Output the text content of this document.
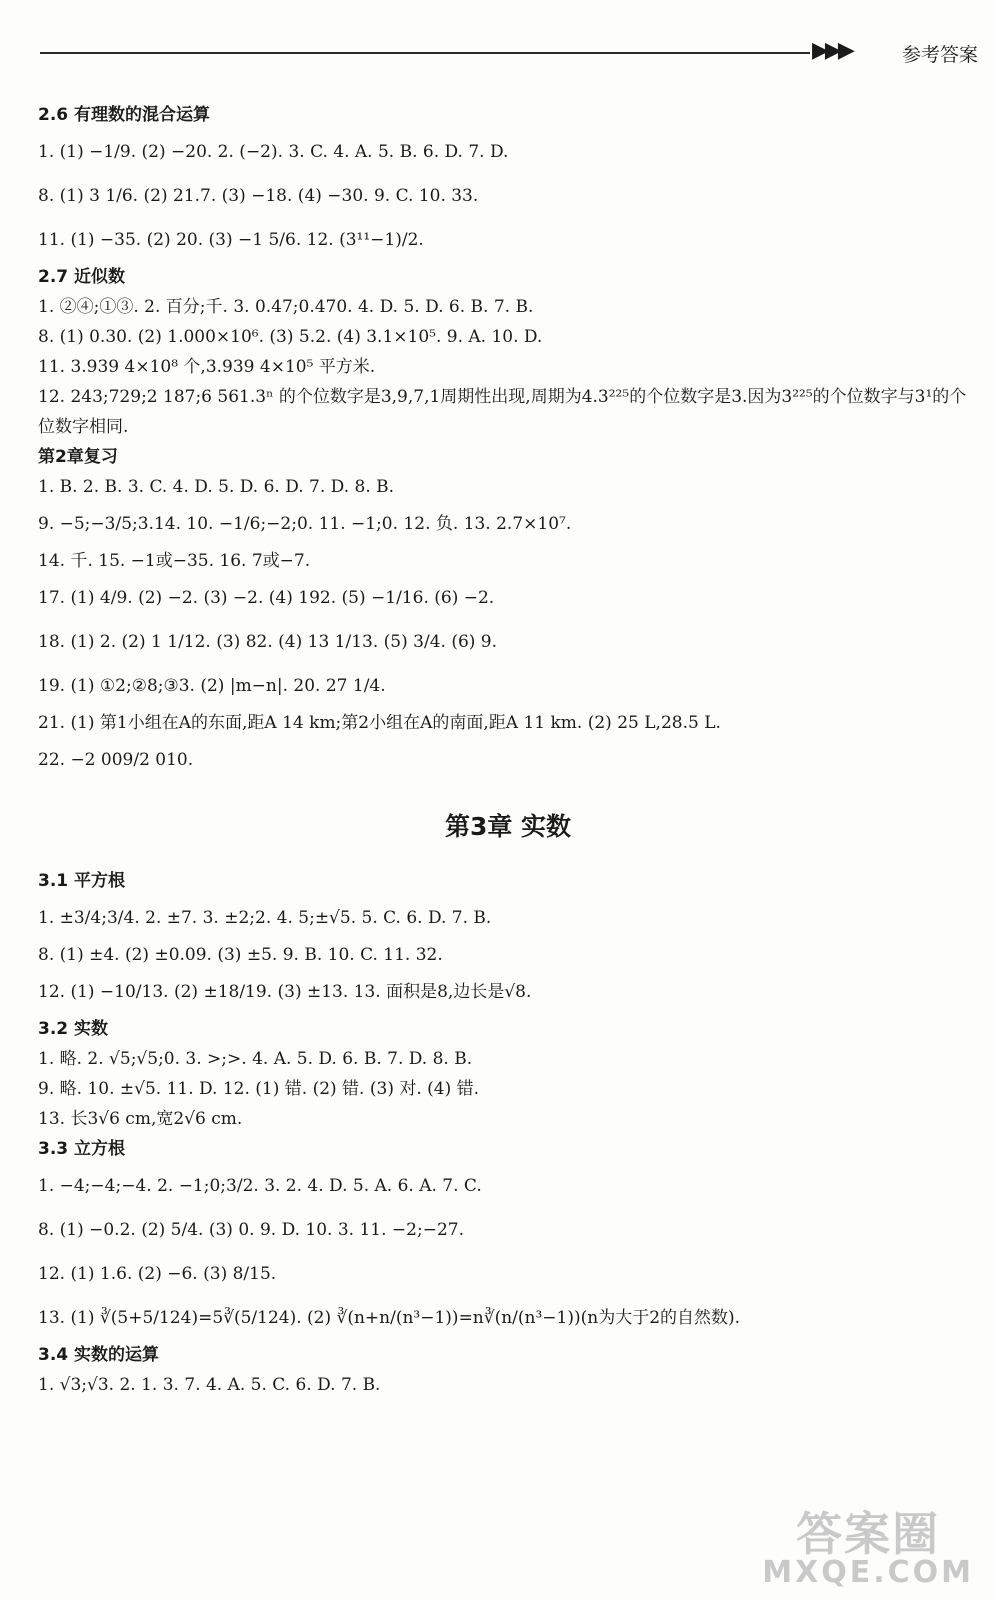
▶▶▶	参考答案
2.6 有理数的混合运算
1. (1) −1/9. (2) −20. 2. (−2). 3. C. 4. A. 5. B. 6. D. 7. D.
8. (1) 3 1/6. (2) 21.7. (3) −18. (4) −30. 9. C. 10. 33.
11. (1) −35. (2) 20. (3) −1 5/6. 12. (3¹¹−1)/2.
2.7 近似数
1. ②④;①③. 2. 百分;千. 3. 0.47;0.470. 4. D. 5. D. 6. B. 7. B.
8. (1) 0.30. (2) 1.000×10⁶. (3) 5.2. (4) 3.1×10⁵. 9. A. 10. D.
11. 3.939 4×10⁸ 个,3.939 4×10⁵ 平方米.
12. 243;729;2 187;6 561.3ⁿ 的个位数字是3,9,7,1周期性出现,周期为4.3²²⁵的个位数字是3.因为3²²⁵的个位数字与3¹的个位数字相同.
第2章复习
1. B. 2. B. 3. C. 4. D. 5. D. 6. D. 7. D. 8. B.
9. −5;−3/5;3.14. 10. −1/6;−2;0. 11. −1;0. 12. 负. 13. 2.7×10⁷.
14. 千. 15. −1或−35. 16. 7或−7.
17. (1) 4/9. (2) −2. (3) −2. (4) 192. (5) −1/16. (6) −2.
18. (1) 2. (2) 1 1/12. (3) 82. (4) 13 1/13. (5) 3/4. (6) 9.
19. (1) ①2;②8;③3. (2) |m−n|. 20. 27 1/4.
21. (1) 第1小组在A的东面,距A 14 km;第2小组在A的南面,距A 11 km. (2) 25 L,28.5 L.
22. −2 009/2 010.
第3章 实数
3.1 平方根
1. ±3/4;3/4. 2. ±7. 3. ±2;2. 4. 5;±√5. 5. C. 6. D. 7. B.
8. (1) ±4. (2) ±0.09. (3) ±5. 9. B. 10. C. 11. 32.
12. (1) −10/13. (2) ±18/19. (3) ±13. 13. 面积是8,边长是√8.
3.2 实数
1. 略. 2. √5;√5;0. 3. >;>. 4. A. 5. D. 6. B. 7. D. 8. B.
9. 略. 10. ±√5. 11. D. 12. (1) 错. (2) 错. (3) 对. (4) 错.
13. 长3√6 cm,宽2√6 cm.
3.3 立方根
1. −4;−4;−4. 2. −1;0;3/2. 3. 2. 4. D. 5. A. 6. A. 7. C.
8. (1) −0.2. (2) 5/4. (3) 0. 9. D. 10. 3. 11. −2;−27.
12. (1) 1.6. (2) −6. (3) 8/15.
13. (1) ∛(5+5/124)=5∛(5/124). (2) ∛(n+n/(n³−1))=n∛(n/(n³−1))(n为大于2的自然数).
3.4 实数的运算
1. √3;√3. 2. 1. 3. 7. 4. A. 5. C. 6. D. 7. B.
答案圈
MXQE.COM
